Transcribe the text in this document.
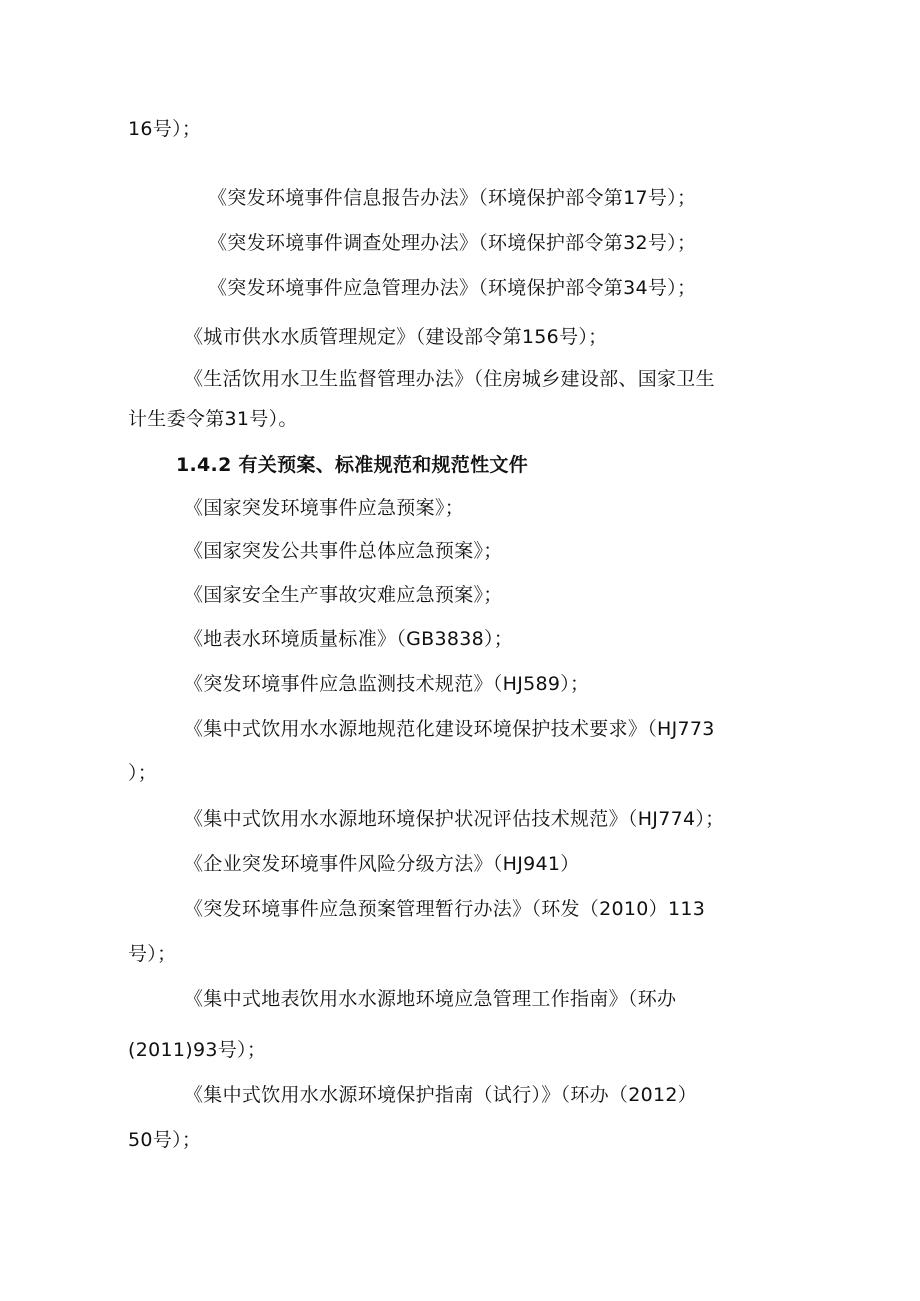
16号）；
《突发环境事件信息报告办法》（环境保护部令第17号）；
《突发环境事件调查处理办法》（环境保护部令第32号）；
《突发环境事件应急管理办法》（环境保护部令第34号）；
《城市供水水质管理规定》（建设部令第156号）；
《生活饮用水卫生监督管理办法》（住房城乡建设部、国家卫生
计生委令第31号）。
1.4.2 有关预案、标准规范和规范性文件
《国家突发环境事件应急预案》；
《国家突发公共事件总体应急预案》；
《国家安全生产事故灾难应急预案》；
《地表水环境质量标准》（GB3838）；
《突发环境事件应急监测技术规范》（HJ589）；
《集中式饮用水水源地规范化建设环境保护技术要求》（HJ773
）；
《集中式饮用水水源地环境保护状况评估技术规范》（HJ774）；
《企业突发环境事件风险分级方法》（HJ941）
《突发环境事件应急预案管理暂行办法》（环发（2010）113
号）；
《集中式地表饮用水水源地环境应急管理工作指南》（环办
(2011)93号）；
《集中式饮用水水源环境保护指南（试行）》（环办（2012）
50号）；
